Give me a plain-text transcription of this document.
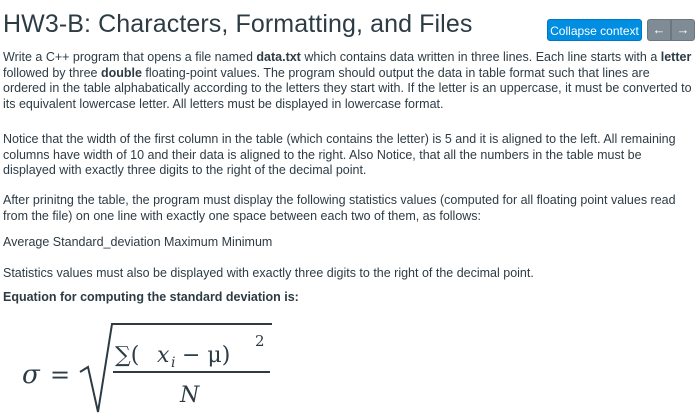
HW3-B: Characters, Formatting, and Files	Collapse context	← →

Write a C++ program that opens a file named data.txt which contains data written in three lines. Each line starts with a letter followed by three double floating-point values. The program should output the data in table format such that lines are ordered in the table alphabatically according to the letters they start with. If the letter is an uppercase, it must be converted to its equivalent lowercase letter. All letters must be displayed in lowercase format.

Notice that the width of the first column in the table (which contains the letter) is 5 and it is aligned to the left. All remaining columns have width of 10 and their data is aligned to the right. Also Notice, that all the numbers in the table must be displayed with exactly three digits to the right of the decimal point.

After prinitng the table, the program must display the following statistics values (computed for all floating point values read from the file) on one line with exactly one space between each two of them, as follows:

Average Standard_deviation Maximum Minimum

Statistics values must also be displayed with exactly three digits to the right of the decimal point.

Equation for computing the standard deviation is:

σ =
∑( x i − μ)
2
N
